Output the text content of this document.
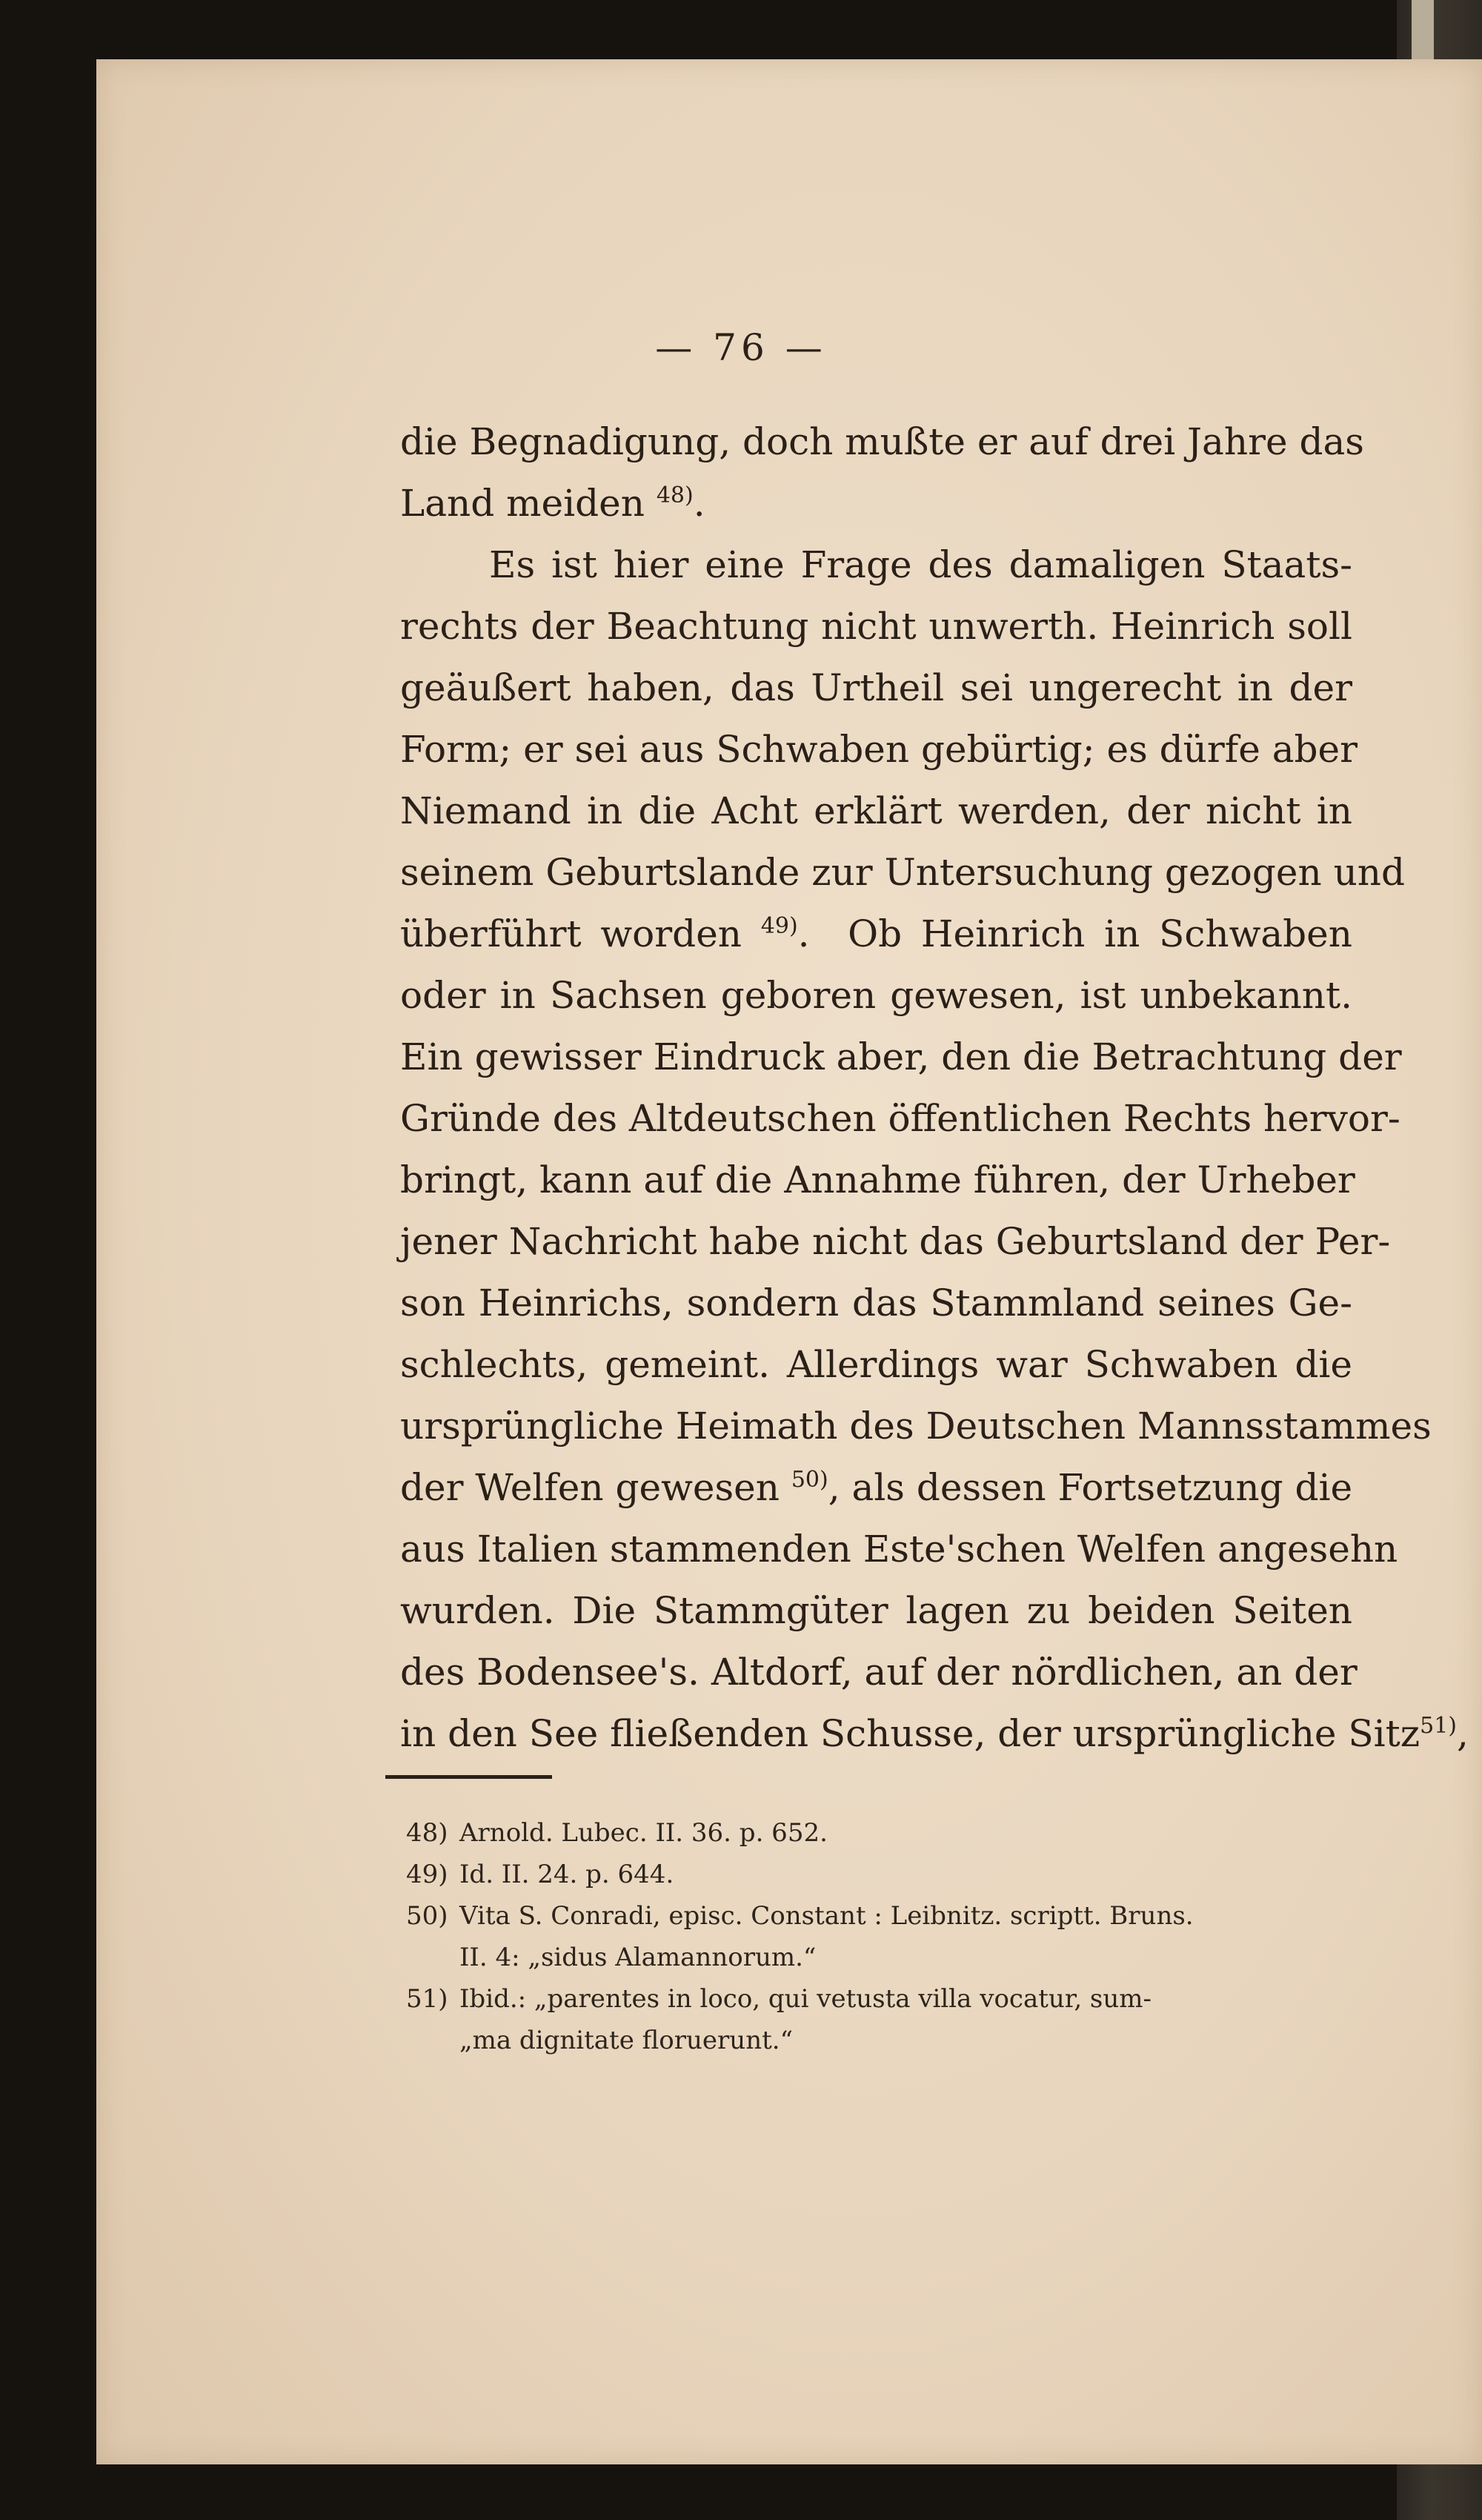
— 76 —
die Begnadigung, doch mußte er auf drei Jahre das
Land meiden $^{48)}$.
Es ist hier eine Frage des damaligen Staats-
rechts der Beachtung nicht unwerth. Heinrich soll
geäußert haben, das Urtheil sei ungerecht in der
Form; er sei aus Schwaben gebürtig; es dürfe aber
Niemand in die Acht erklärt werden, der nicht in
seinem Geburtslande zur Untersuchung gezogen und
überführt worden $^{49)}$.  Ob Heinrich in Schwaben
oder in Sachsen geboren gewesen, ist unbekannt.
Ein gewisser Eindruck aber, den die Betrachtung der
Gründe des Altdeutschen öffentlichen Rechts hervor-
bringt, kann auf die Annahme führen, der Urheber
jener Nachricht habe nicht das Geburtsland der Per-
son Heinrichs, sondern das Stammland seines Ge-
schlechts, gemeint. Allerdings war Schwaben die
ursprüngliche Heimath des Deutschen Mannsstammes
der Welfen gewesen $^{50)}$, als dessen Fortsetzung die
aus Italien stammenden Este'schen Welfen angesehn
wurden. Die Stammgüter lagen zu beiden Seiten
des Bodensee's. Altdorf, auf der nördlichen, an der
in den See fließenden Schusse, der ursprüngliche Sitz$^{51)}$,
48) Arnold. Lubec. II. 36. p. 652.
49) Id. II. 24. p. 644.
50) Vita S. Conradi, episc. Constant : Leibnitz. scriptt. Bruns.
II. 4: „sidus Alamannorum.“
51) Ibid.: „parentes in loco, qui vetusta villa vocatur, sum-
„ma dignitate floruerunt.“
